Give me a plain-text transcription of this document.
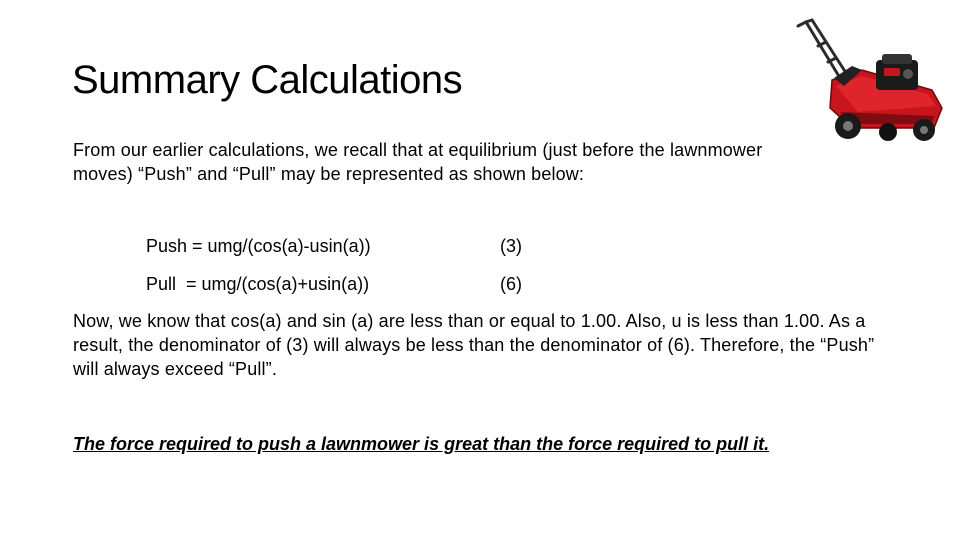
Summary Calculations
From our earlier calculations, we recall that at equilibrium (just before the lawnmower moves) “Push” and “Pull” may be represented as shown below:
Push = umg/(cos(a)-usin(a))	(3)
Pull  = umg/(cos(a)+usin(a))	(6)
Now, we know that cos(a) and sin (a) are less than or equal to 1.00. Also, u is less than 1.00. As a result, the denominator of (3) will always be less than the denominator of (6). Therefore, the “Push” will always exceed “Pull”.
The force required to push a lawnmower is great than the force required to pull it.
